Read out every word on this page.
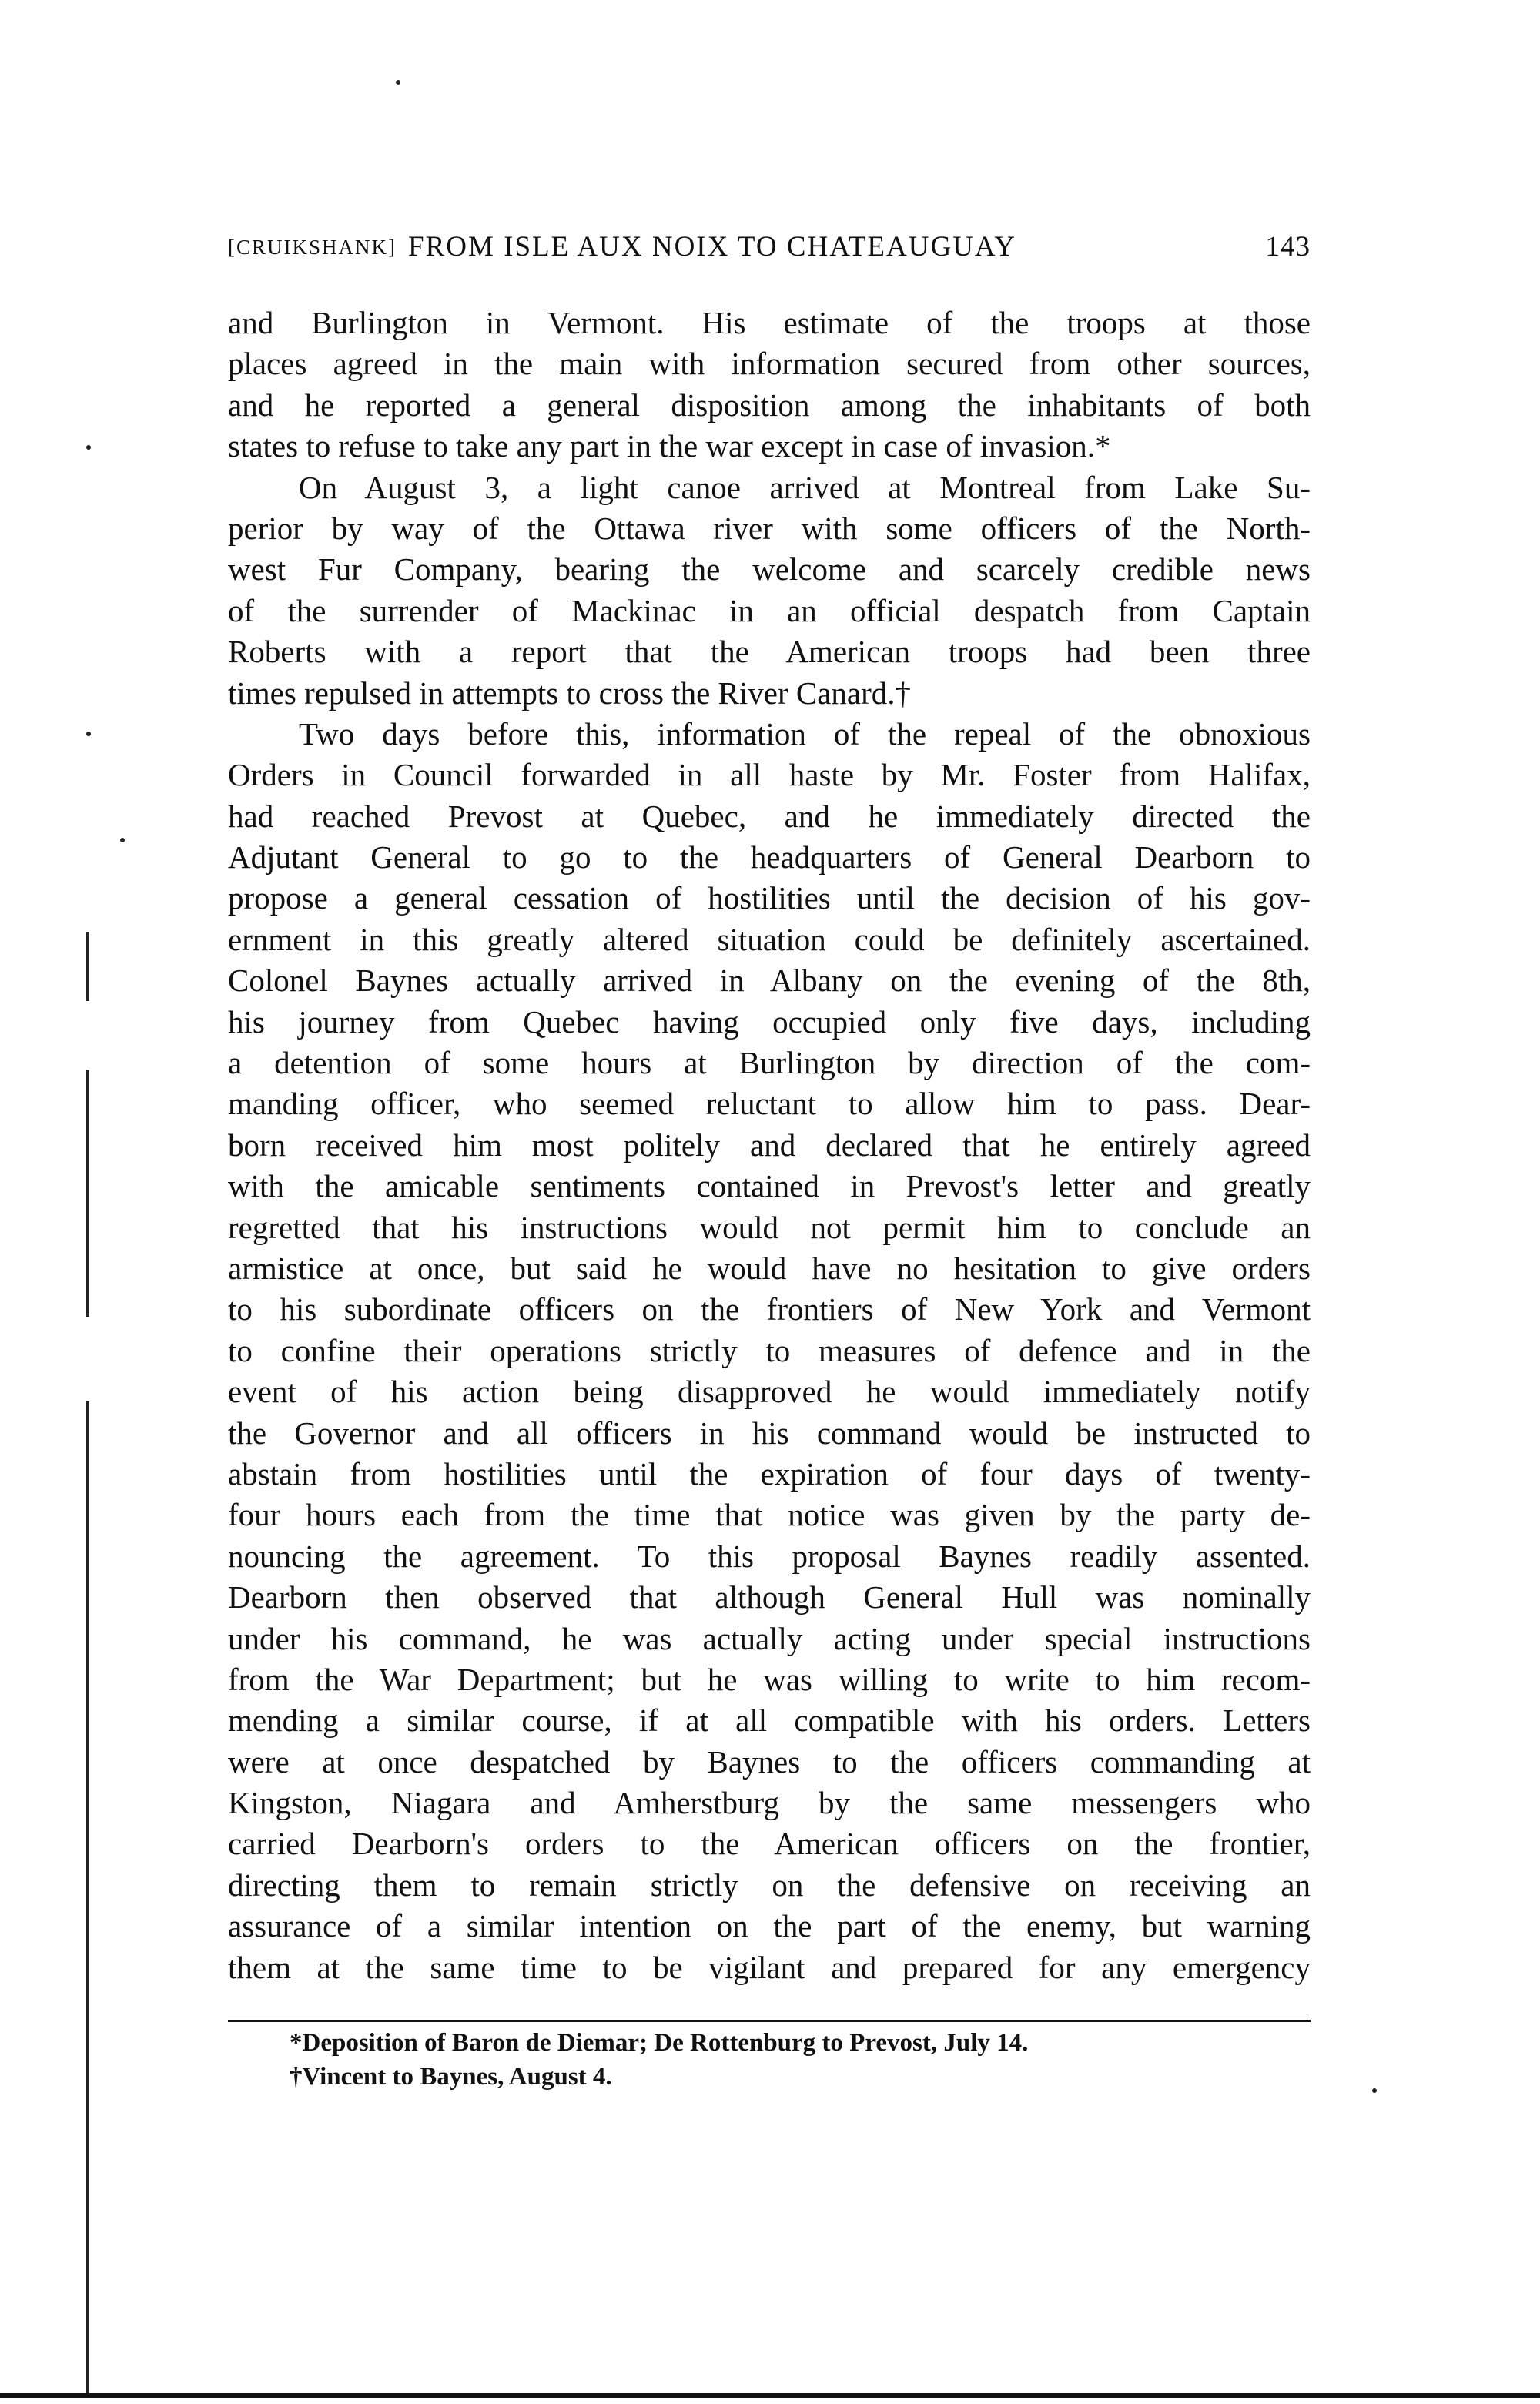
[CRUIKSHANK] FROM ISLE AUX NOIX TO CHATEAUGUAY	143
and Burlington in Vermont. His estimate of the troops at those
places agreed in the main with information secured from other sources,
and he reported a general disposition among the inhabitants of both
states to refuse to take any part in the war except in case of invasion.*
On August 3, a light canoe arrived at Montreal from Lake Su-
perior by way of the Ottawa river with some officers of the North-
west Fur Company, bearing the welcome and scarcely credible news
of the surrender of Mackinac in an official despatch from Captain
Roberts with a report that the American troops had been three
times repulsed in attempts to cross the River Canard.†
Two days before this, information of the repeal of the obnoxious
Orders in Council forwarded in all haste by Mr. Foster from Halifax,
had reached Prevost at Quebec, and he immediately directed the
Adjutant General to go to the headquarters of General Dearborn to
propose a general cessation of hostilities until the decision of his gov-
ernment in this greatly altered situation could be definitely ascertained.
Colonel Baynes actually arrived in Albany on the evening of the 8th,
his journey from Quebec having occupied only five days, including
a detention of some hours at Burlington by direction of the com-
manding officer, who seemed reluctant to allow him to pass. Dear-
born received him most politely and declared that he entirely agreed
with the amicable sentiments contained in Prevost's letter and greatly
regretted that his instructions would not permit him to conclude an
armistice at once, but said he would have no hesitation to give orders
to his subordinate officers on the frontiers of New York and Vermont
to confine their operations strictly to measures of defence and in the
event of his action being disapproved he would immediately notify
the Governor and all officers in his command would be instructed to
abstain from hostilities until the expiration of four days of twenty-
four hours each from the time that notice was given by the party de-
nouncing the agreement. To this proposal Baynes readily assented.
Dearborn then observed that although General Hull was nominally
under his command, he was actually acting under special instructions
from the War Department; but he was willing to write to him recom-
mending a similar course, if at all compatible with his orders. Letters
were at once despatched by Baynes to the officers commanding at
Kingston, Niagara and Amherstburg by the same messengers who
carried Dearborn's orders to the American officers on the frontier,
directing them to remain strictly on the defensive on receiving an
assurance of a similar intention on the part of the enemy, but warning
them at the same time to be vigilant and prepared for any emergency
*Deposition of Baron de Diemar; De Rottenburg to Prevost, July 14.
†Vincent to Baynes, August 4.
